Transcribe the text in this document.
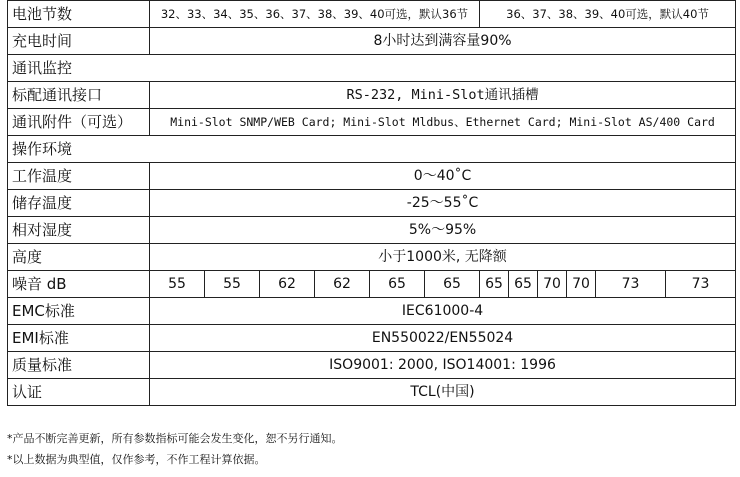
电池节数	32、33、34、35、36、37、38、39、40可选，默认36节						36、37、38、39、40可选，默认40节					
充电时间	8小时达到满容量90%											
通讯监控												
标配通讯接口	RS-232, Mini-Slot通讯插槽											
通讯附件（可选）	Mini-Slot SNMP/WEB Card; Mini-Slot Mldbus、Ethernet Card; Mini-Slot AS/400 Card											
操作环境												
工作温度	0～40˚C											
储存温度	-25～55˚C											
相对湿度	5%～95%											
高度	小于1000米, 无降额											
噪音 dB	55	55	62	62	65	65	65	65	70	70	73	73
EMC标准	IEC61000-4											
EMI标准	EN550022/EN55024											
质量标准	ISO9001: 2000, ISO14001: 1996											
认证	TCL(中国)											
*产品不断完善更新，所有参数指标可能会发生变化，恕不另行通知。
*以上数据为典型值，仅作参考，不作工程计算依据。
